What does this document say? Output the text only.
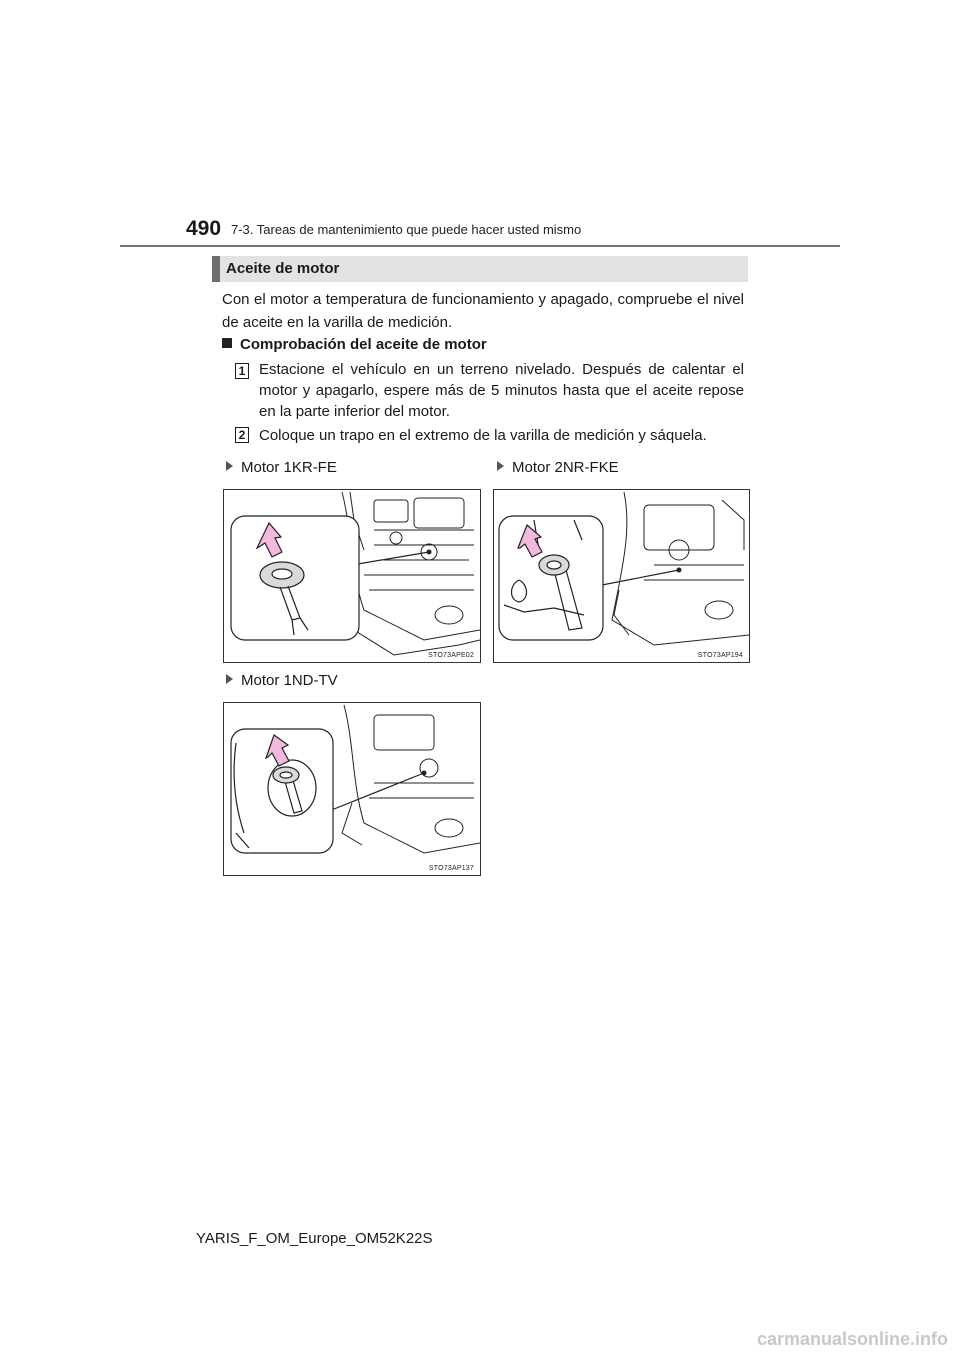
490 7-3. Tareas de mantenimiento que puede hacer usted mismo
Aceite de motor
Con el motor a temperatura de funcionamiento y apagado, compruebe el nivel de aceite en la varilla de medición.
Comprobación del aceite de motor
1 Estacione el vehículo en un terreno nivelado. Después de calentar el motor y apagarlo, espere más de 5 minutos hasta que el aceite repose en la parte inferior del motor.
2 Coloque un trapo en el extremo de la varilla de medición y sáquela.
Motor 1KR-FE	Motor 2NR-FKE
STO73APE02	STO73AP194
Motor 1ND-TV
STO73AP137
YARIS_F_OM_Europe_OM52K22S
carmanualsonline.info
